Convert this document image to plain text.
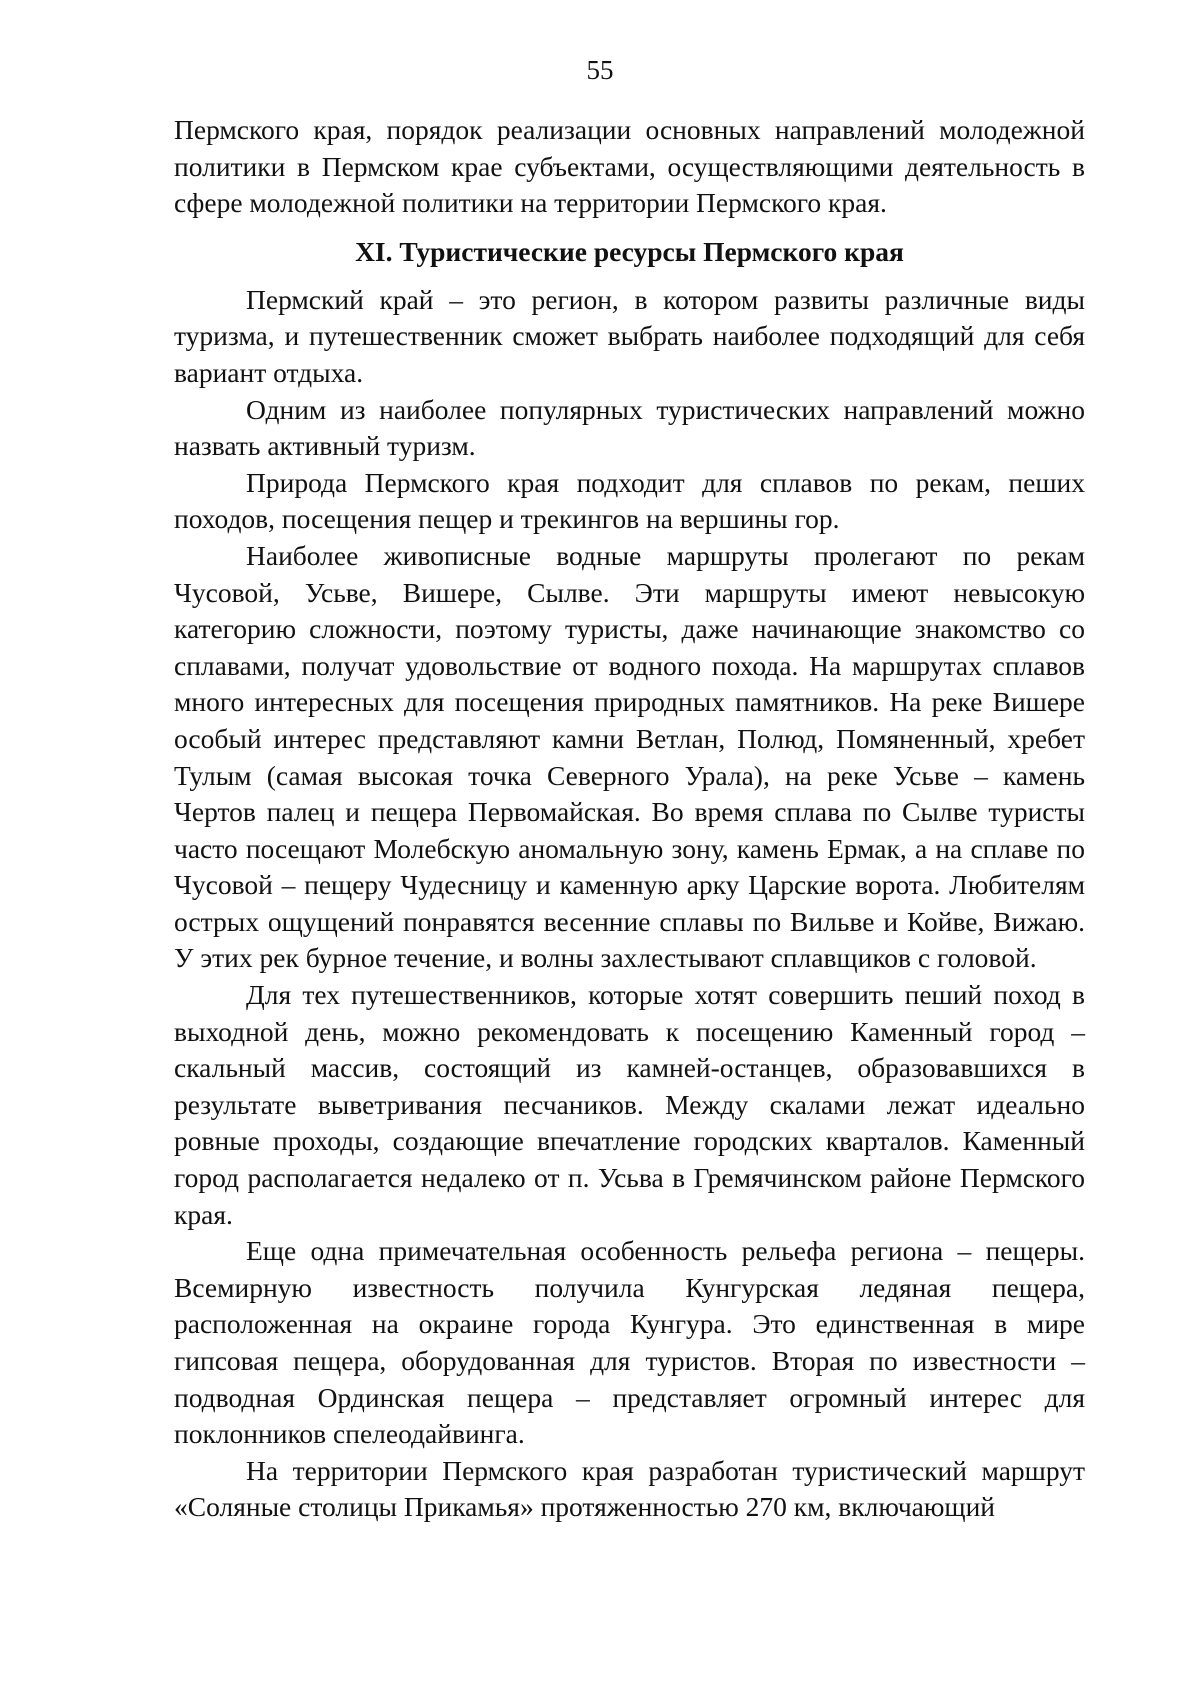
55

Пермского края, порядок реализации основных направлений молодежной политики в Пермском крае субъектами, осуществляющими деятельность в сфере молодежной политики на территории Пермского края.

XI. Туристические ресурсы Пермского края

Пермский край – это регион, в котором развиты различные виды туризма, и путешественник сможет выбрать наиболее подходящий для себя вариант отдыха.

Одним из наиболее популярных туристических направлений можно назвать активный туризм.

Природа Пермского края подходит для сплавов по рекам, пеших походов, посещения пещер и трекингов на вершины гор.

Наиболее живописные водные маршруты пролегают по рекам Чусовой, Усьве, Вишере, Сылве. Эти маршруты имеют невысокую категорию сложности, поэтому туристы, даже начинающие знакомство со сплавами, получат удовольствие от водного похода. На маршрутах сплавов много интересных для посещения природных памятников. На реке Вишере особый интерес представляют камни Ветлан, Полюд, Помяненный, хребет Тулым (самая высокая точка Северного Урала), на реке Усьве – камень Чертов палец и пещера Первомайская. Во время сплава по Сылве туристы часто посещают Молебскую аномальную зону, камень Ермак, а на сплаве по Чусовой – пещеру Чудесницу и каменную арку Царские ворота. Любителям острых ощущений понравятся весенние сплавы по Вильве и Койве, Вижаю. У этих рек бурное течение, и волны захлестывают сплавщиков с головой.

Для тех путешественников, которые хотят совершить пеший поход в выходной день, можно рекомендовать к посещению Каменный город – скальный массив, состоящий из камней-останцев, образовавшихся в результате выветривания песчаников. Между скалами лежат идеально ровные проходы, создающие впечатление городских кварталов. Каменный город располагается недалеко от п. Усьва в Гремячинском районе Пермского края.

Еще одна примечательная особенность рельефа региона – пещеры. Всемирную известность получила Кунгурская ледяная пещера, расположенная на окраине города Кунгура. Это единственная в мире гипсовая пещера, оборудованная для туристов. Вторая по известности – подводная Ординская пещера – представляет огромный интерес для поклонников спелеодайвинга.

На территории Пермского края разработан туристический маршрут «Соляные столицы Прикамья» протяженностью 270 км, включающий
